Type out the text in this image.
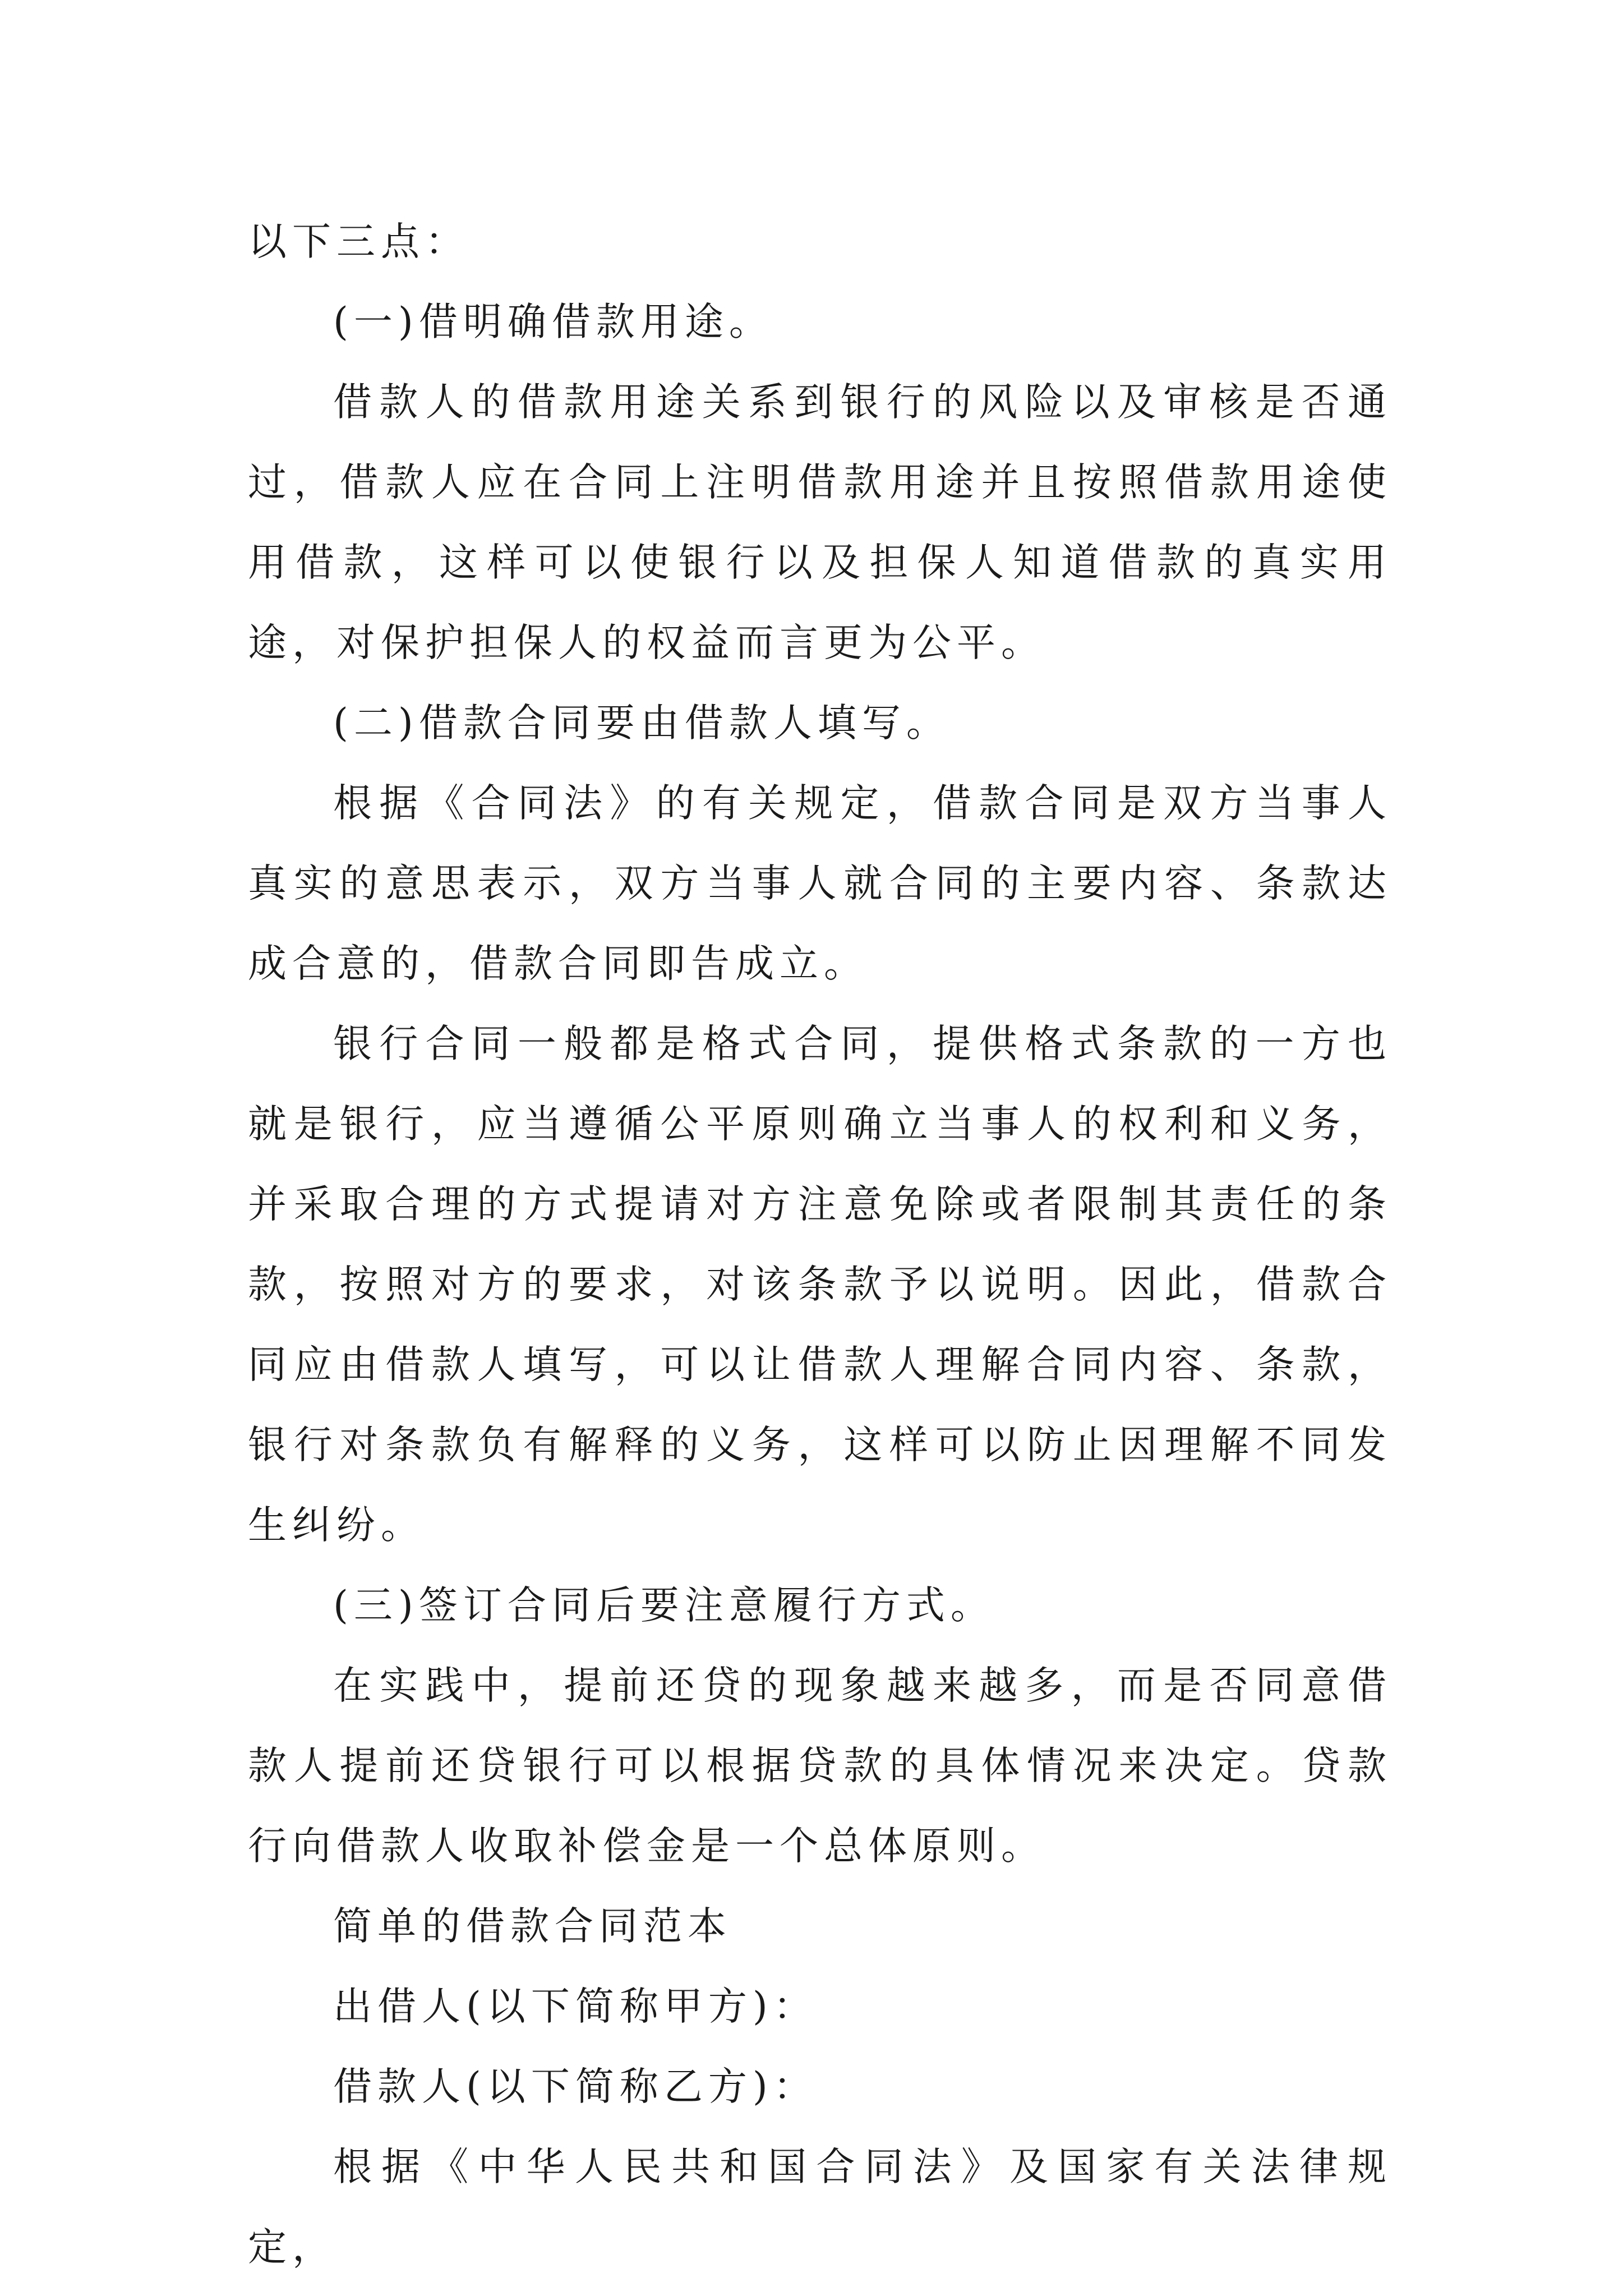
以下三点：

(一)借明确借款用途。

借款人的借款用途关系到银行的风险以及审核是否通过，借款人应在合同上注明借款用途并且按照借款用途使用借款，这样可以使银行以及担保人知道借款的真实用途，对保护担保人的权益而言更为公平。

(二)借款合同要由借款人填写。

根据《合同法》的有关规定，借款合同是双方当事人真实的意思表示，双方当事人就合同的主要内容、条款达成合意的，借款合同即告成立。

银行合同一般都是格式合同，提供格式条款的一方也就是银行，应当遵循公平原则确立当事人的权利和义务，并采取合理的方式提请对方注意免除或者限制其责任的条款，按照对方的要求，对该条款予以说明。因此，借款合同应由借款人填写，可以让借款人理解合同内容、条款，银行对条款负有解释的义务，这样可以防止因理解不同发生纠纷。

(三)签订合同后要注意履行方式。

在实践中，提前还贷的现象越来越多，而是否同意借款人提前还贷银行可以根据贷款的具体情况来决定。贷款行向借款人收取补偿金是一个总体原则。

简单的借款合同范本

出借人(以下简称甲方)：

借款人(以下简称乙方)：

根据《中华人民共和国合同法》及国家有关法律规定，
